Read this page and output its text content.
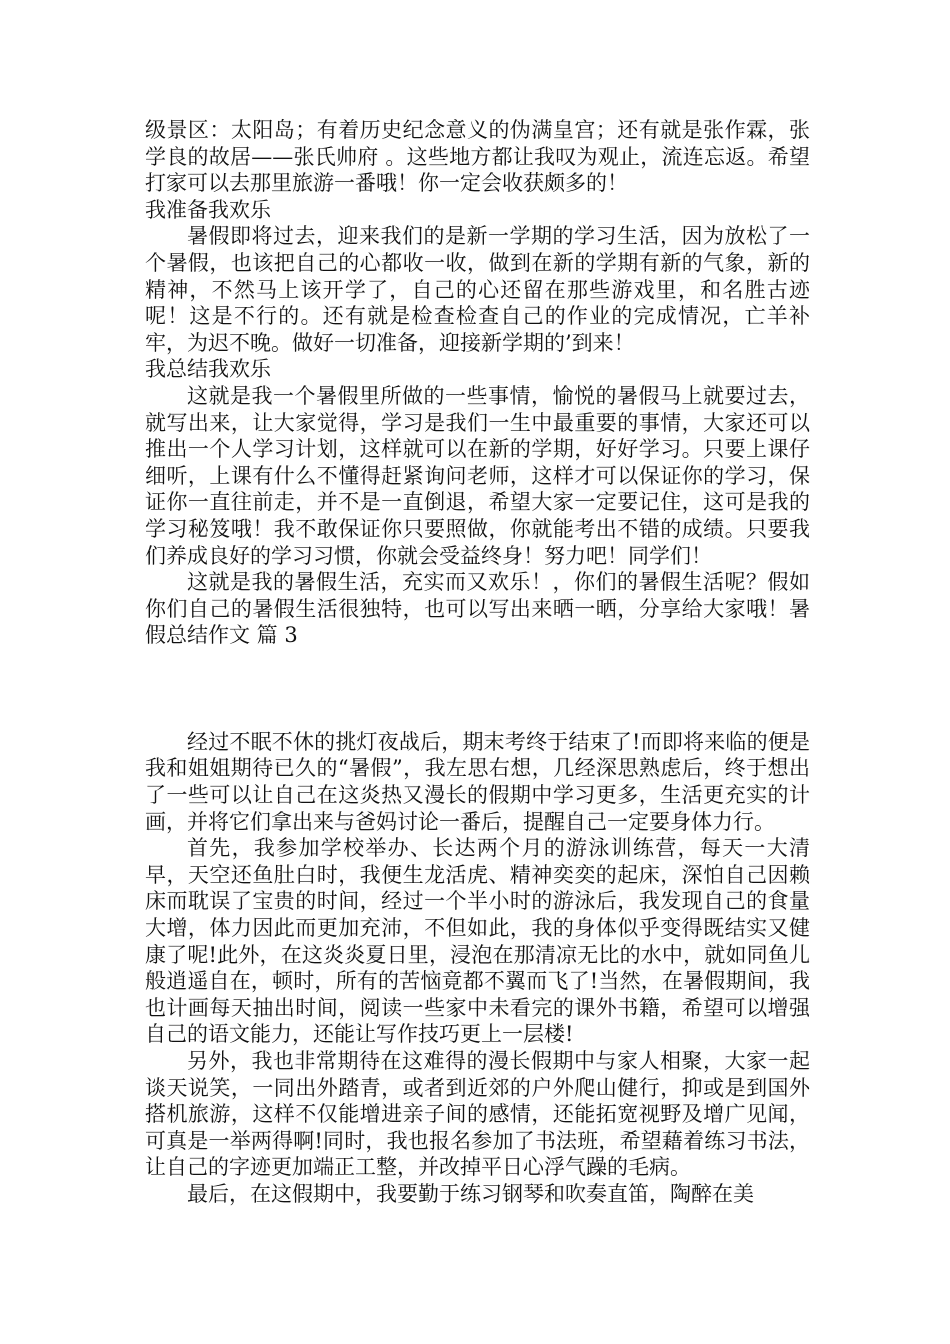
级景区：太阳岛；有着历史纪念意义的伪满皇宫；还有就是张作霖，张学良的故居——张氏帅府 。这些地方都让我叹为观止，流连忘返。希望打家可以去那里旅游一番哦！你一定会收获颇多的！

我准备我欢乐

暑假即将过去，迎来我们的是新一学期的学习生活，因为放松了一个暑假，也该把自己的心都收一收，做到在新的学期有新的气象，新的精神，不然马上该开学了，自己的心还留在那些游戏里，和名胜古迹呢！这是不行的。还有就是检查检查自己的作业的完成情况，亡羊补牢，为迟不晚。做好一切准备，迎接新学期的’到来！

我总结我欢乐

这就是我一个暑假里所做的一些事情，愉悦的暑假马上就要过去，就写出来，让大家觉得，学习是我们一生中最重要的事情，大家还可以推出一个人学习计划，这样就可以在新的学期，好好学习。只要上课仔细听，上课有什么不懂得赶紧询问老师，这样才可以保证你的学习，保证你一直往前走，并不是一直倒退，希望大家一定要记住，这可是我的学习秘笈哦！我不敢保证你只要照做，你就能考出不错的成绩。只要我们养成良好的学习习惯，你就会受益终身！努力吧！同学们！

这就是我的暑假生活，充实而又欢乐！，你们的暑假生活呢？假如你们自己的暑假生活很独特，也可以写出来晒一晒，分享给大家哦！暑假总结作文 篇 3

经过不眠不休的挑灯夜战后，期末考终于结束了!而即将来临的便是我和姐姐期待已久的“暑假”，我左思右想，几经深思熟虑后，终于想出了一些可以让自己在这炎热又漫长的假期中学习更多，生活更充实的计画，并将它们拿出来与爸妈讨论一番后，提醒自己一定要身体力行。

首先，我参加学校举办、长达两个月的游泳训练营，每天一大清早，天空还鱼肚白时，我便生龙活虎、精神奕奕的起床，深怕自己因赖床而耽误了宝贵的时间，经过一个半小时的游泳后，我发现自己的食量大增，体力因此而更加充沛，不但如此，我的身体似乎变得既结实又健康了呢!此外，在这炎炎夏日里，浸泡在那清凉无比的水中，就如同鱼儿般逍遥自在，顿时，所有的苦恼竟都不翼而飞了!当然，在暑假期间，我也计画每天抽出时间，阅读一些家中未看完的课外书籍，希望可以增强自己的语文能力，还能让写作技巧更上一层楼!

另外，我也非常期待在这难得的漫长假期中与家人相聚，大家一起谈天说笑，一同出外踏青，或者到近郊的户外爬山健行，抑或是到国外搭机旅游，这样不仅能增进亲子间的感情，还能拓宽视野及增广见闻，可真是一举两得啊!同时，我也报名参加了书法班，希望藉着练习书法，让自己的字迹更加端正工整，并改掉平日心浮气躁的毛病。

最后，在这假期中，我要勤于练习钢琴和吹奏直笛，陶醉在美
